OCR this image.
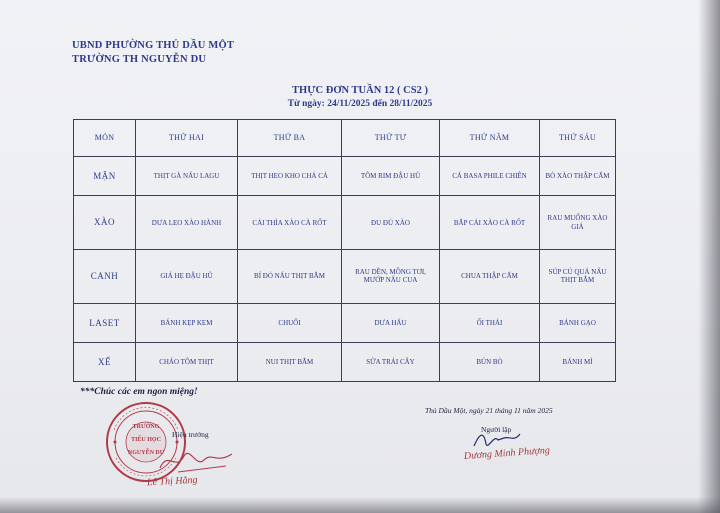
UBND PHƯỜNG THỦ DẦU MỘT
TRƯỜNG TH NGUYỄN DU
THỰC ĐƠN TUẦN 12 ( CS2 )
Từ ngày: 24/11/2025 đến 28/11/2025
MÓN	THỨ HAI	THỨ BA	THỨ TƯ	THỨ NĂM	THỨ SÁU
MẶN	THỊT GÀ NẤU LAGU	THỊT HEO KHO CHẢ CÁ	TÔM RIM ĐẬU HŨ	CÁ BASA PHILE CHIÊN	BÒ XÀO THẬP CẨM
XÀO	DƯA LEO XÀO HÀNH	CẢI THÌA XÀO CÀ RỐT	ĐU ĐỦ XÀO	BẮP CẢI XÀO CÀ RỐT	RAU MUỐNG XÀO GIÁ
CANH	GIÁ HẸ ĐẬU HŨ	BÍ ĐỎ NẤU THỊT BẰM	RAU DỀN, MỒNG TƠI, MƯỚP NẤU CUA	CHUA THẬP CẨM	SÚP CỦ QUẢ NẤU THỊT BẰM
LASET	BÁNH KẸP KEM	CHUỐI	DƯA HẤU	ỔI THÁI	BÁNH GẠO
XẾ	CHÁO TÔM THỊT	NUI THỊT BẰM	SỮA TRÁI CÂY	BÚN BÒ	BÁNH MÌ
***Chúc các em ngon miệng!
Thủ Dầu Một, ngày 21 tháng 11 năm 2025
Người lập
Dương Minh Phượng
TRƯỜNG
TIỂU HỌC
NGUYỄN DU
Hiệu trưởng
Lê Thị Hằng
